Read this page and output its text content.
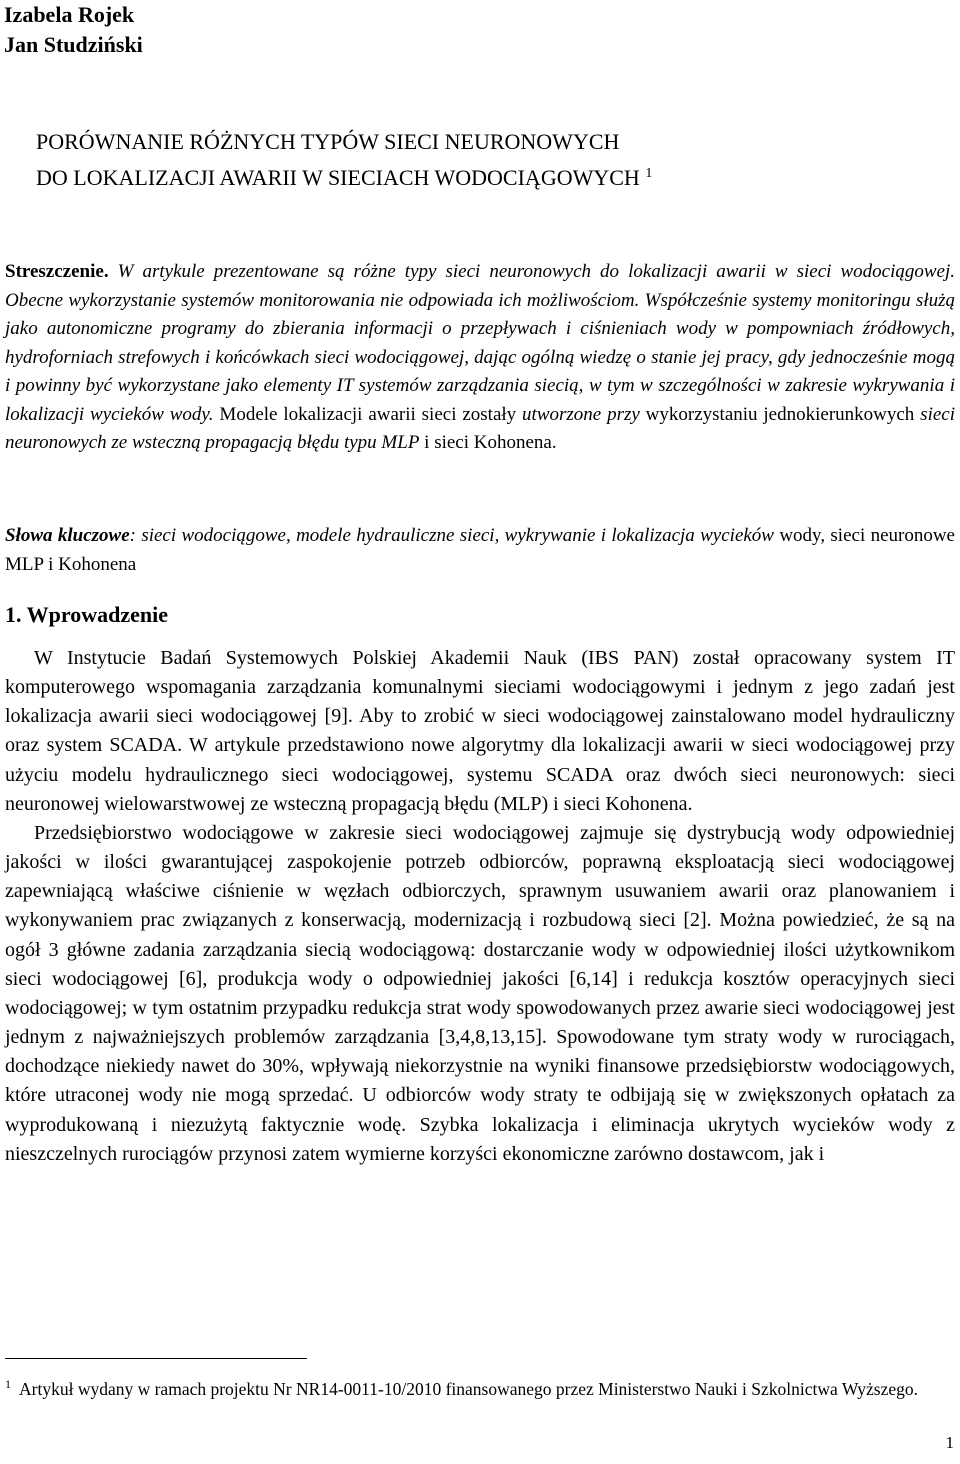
Izabela Rojek
Jan Studziński
PORÓWNANIE RÓŻNYCH TYPÓW SIECI NEURONOWYCH
DO LOKALIZACJI AWARII W SIECIACH WODOCIĄGOWYCH $^1$
Streszczenie. W artykule prezentowane są różne typy sieci neuronowych do lokalizacji awarii w sieci wodociągowej. Obecne wykorzystanie systemów monitorowania nie odpowiada ich możliwościom. Współcześnie systemy monitoringu służą jako autonomiczne programy do zbierania informacji o przepływach i ciśnieniach wody w pompowniach źródłowych, hydroforniach strefowych i końcówkach sieci wodociągowej, dając ogólną wiedzę o stanie jej pracy, gdy jednocześnie mogą i powinny być wykorzystane jako elementy IT systemów zarządzania siecią, w tym w szczególności w zakresie wykrywania i lokalizacji wycieków wody. Modele lokalizacji awarii sieci zostały utworzone przy wykorzystaniu jednokierunkowych sieci neuronowych ze wsteczną propagacją błędu typu MLP i sieci Kohonena.
Słowa kluczowe: sieci wodociągowe, modele hydrauliczne sieci, wykrywanie i lokalizacja wycieków wody, sieci neuronowe MLP i Kohonena
1. Wprowadzenie

W Instytucie Badań Systemowych Polskiej Akademii Nauk (IBS PAN) został opracowany system IT komputerowego wspomagania zarządzania komunalnymi sieciami wodociągowymi i jednym z jego zadań jest lokalizacja awarii sieci wodociągowej [9]. Aby to zrobić w sieci wodociągowej zainstalowano model hydrauliczny oraz system SCADA. W artykule przedstawiono nowe algorytmy dla lokalizacji awarii w sieci wodociągowej przy użyciu modelu hydraulicznego sieci wodociągowej, systemu SCADA oraz dwóch sieci neuronowych: sieci neuronowej wielowarstwowej ze wsteczną propagacją błędu (MLP) i sieci Kohonena.

Przedsiębiorstwo wodociągowe w zakresie sieci wodociągowej zajmuje się dystrybucją wody odpowiedniej jakości w ilości gwarantującej zaspokojenie potrzeb odbiorców, poprawną eksploatacją sieci wodociągowej zapewniającą właściwe ciśnienie w węzłach odbiorczych, sprawnym usuwaniem awarii oraz planowaniem i wykonywaniem prac związanych z konserwacją, modernizacją i rozbudową sieci [2]. Można powiedzieć, że są na ogół 3 główne zadania zarządzania siecią wodociągową: dostarczanie wody w odpowiedniej ilości użytkownikom sieci wodociągowej [6], produkcja wody o odpowiedniej jakości [6,14] i redukcja kosztów operacyjnych sieci wodociągowej; w tym ostatnim przypadku redukcja strat wody spowodowanych przez awarie sieci wodociągowej jest jednym z najważniejszych problemów zarządzania [3,4,8,13,15]. Spowodowane tym straty wody w rurociągach, dochodzące niekiedy nawet do 30%, wpływają niekorzystnie na wyniki finansowe przedsiębiorstw wodociągowych, które utraconej wody nie mogą sprzedać. U odbiorców wody straty te odbijają się w zwiększonych opłatach za wyprodukowaną i niezużytą faktycznie wodę. Szybka lokalizacja i eliminacja ukrytych wycieków wody z nieszczelnych rurociągów przynosi zatem wymierne korzyści ekonomiczne zarówno dostawcom, jak i

$^1$ Artykuł wydany w ramach projektu Nr NR14-0011-10/2010 finansowanego przez Ministerstwo Nauki i Szkolnictwa Wyższego.
1
